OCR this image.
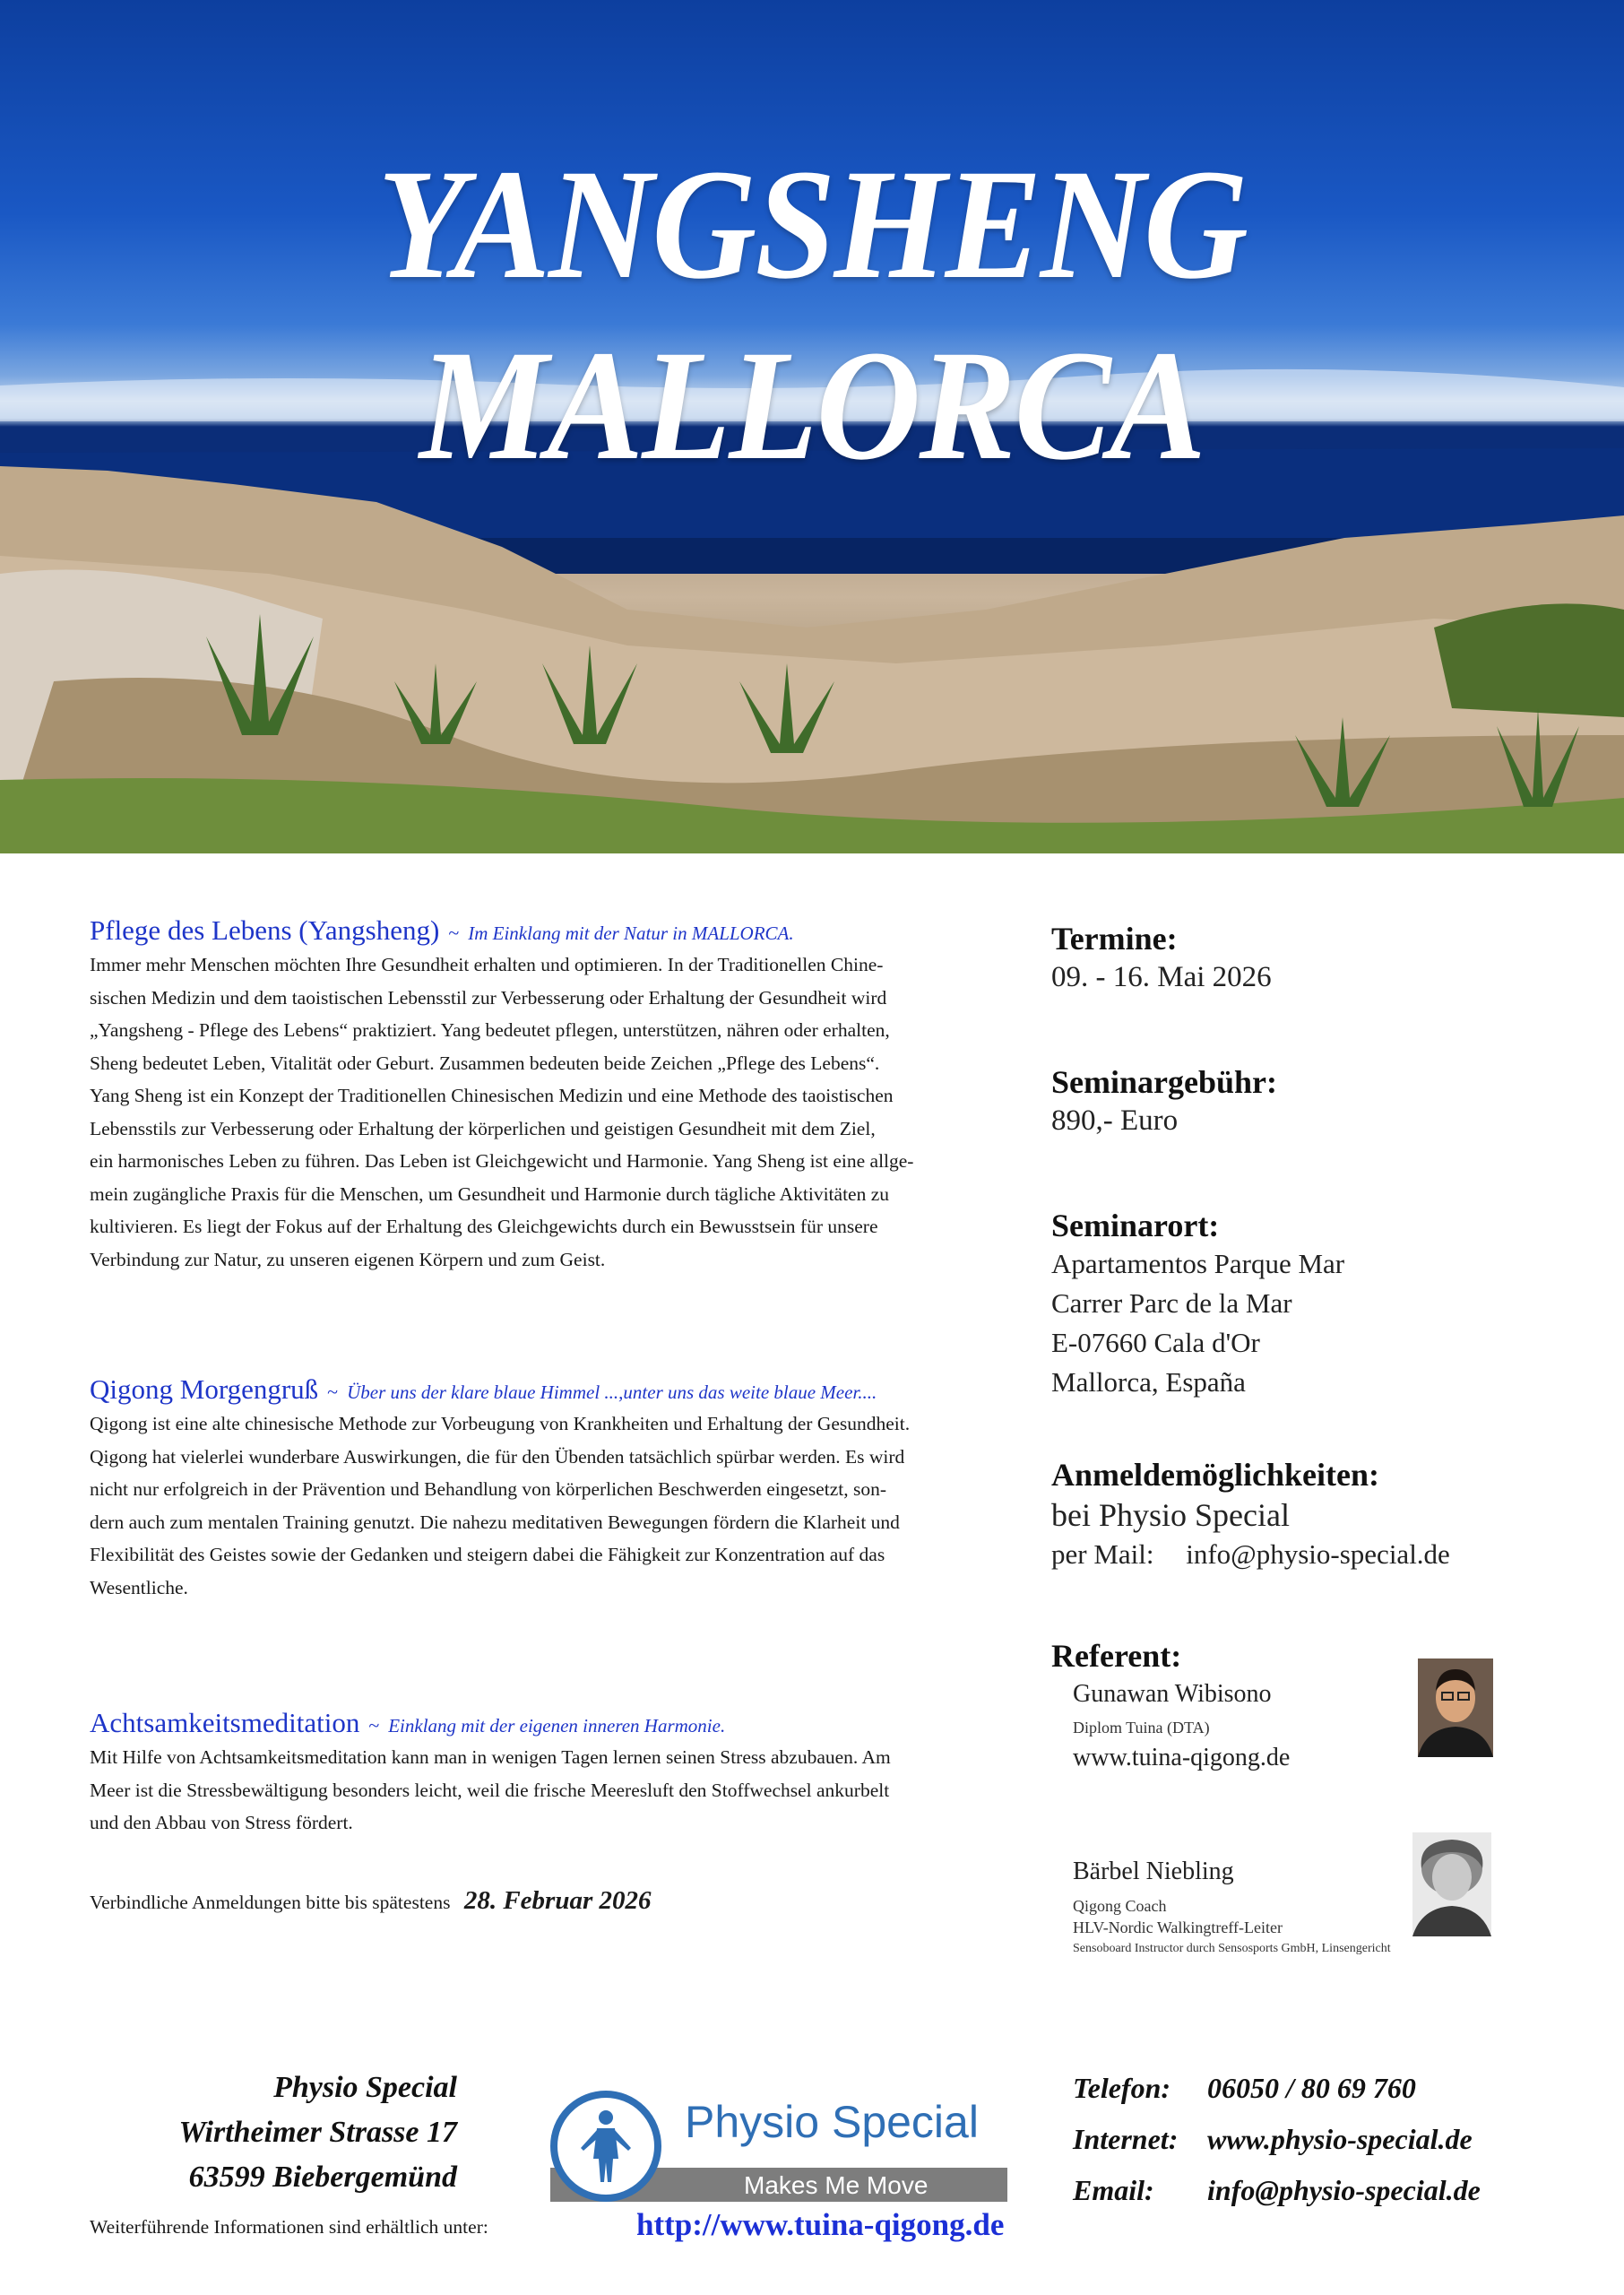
YANGSHENG MALLORCA
Pflege des Lebens (Yangsheng) ~ Im Einklang mit der Natur in MALLORCA.
Immer mehr Menschen möchten Ihre Gesundheit erhalten und optimieren. In der Traditionellen Chine-
sischen Medizin und dem taoistischen Lebensstil zur Verbesserung oder Erhaltung der Gesundheit wird
„Yangsheng - Pflege des Lebens“ praktiziert. Yang bedeutet pflegen, unterstützen, nähren oder erhalten,
Sheng bedeutet Leben, Vitalität oder Geburt. Zusammen bedeuten beide Zeichen „Pflege des Lebens“.
Yang Sheng ist ein Konzept der Traditionellen Chinesischen Medizin und eine Methode des taoistischen
Lebensstils zur Verbesserung oder Erhaltung der körperlichen und geistigen Gesundheit mit dem Ziel,
ein harmonisches Leben zu führen. Das Leben ist Gleichgewicht und Harmonie. Yang Sheng ist eine allge-
mein zugängliche Praxis für die Menschen, um Gesundheit und Harmonie durch tägliche Aktivitäten zu
kultivieren. Es liegt der Fokus auf der Erhaltung des Gleichgewichts durch ein Bewusstsein für unsere
Verbindung zur Natur, zu unseren eigenen Körpern und zum Geist.
Qigong Morgengruß ~ Über uns der klare blaue Himmel ...,unter uns das weite blaue Meer....
Qigong ist eine alte chinesische Methode zur Vorbeugung von Krankheiten und Erhaltung der Gesundheit.
Qigong hat vielerlei wunderbare Auswirkungen, die für den Übenden tatsächlich spürbar werden. Es wird
nicht nur erfolgreich in der Prävention und Behandlung von körperlichen Beschwerden eingesetzt, son-
dern auch zum mentalen Training genutzt. Die nahezu meditativen Bewegungen fördern die Klarheit und
Flexibilität des Geistes sowie der Gedanken und steigern dabei die Fähigkeit zur Konzentration auf das
Wesentliche.
Achtsamkeitsmeditation ~ Einklang mit der eigenen inneren Harmonie.
Mit Hilfe von Achtsamkeitsmeditation kann man in wenigen Tagen lernen seinen Stress abzubauen. Am
Meer ist die Stressbewältigung besonders leicht, weil die frische Meeresluft den Stoffwechsel ankurbelt
und den Abbau von Stress fördert.
Verbindliche Anmeldungen bitte bis spätestens 28. Februar 2026
Termine:
09. - 16. Mai 2026
Seminargebühr:
890,- Euro
Seminarort:
Apartamentos Parque Mar
Carrer Parc de la Mar
E-07660 Cala d'Or
Mallorca, España
Anmeldemöglichkeiten:
bei Physio Special
per Mail: info@physio-special.de
Referent:
Gunawan Wibisono
Diplom Tuina (DTA)
www.tuina-qigong.de
Bärbel Niebling
Qigong Coach
HLV-Nordic Walkingtreff-Leiter
Sensoboard Instructor durch Sensosports GmbH, Linsengericht
Physio Special
Wirtheimer Strasse 17
63599 Biebergemünd
Weiterführende Informationen sind erhältlich unter:
Physio Special
Makes Me Move
http://www.tuina-qigong.de
Telefon: 06050 / 80 69 760
Internet: www.physio-special.de
Email: info@physio-special.de
